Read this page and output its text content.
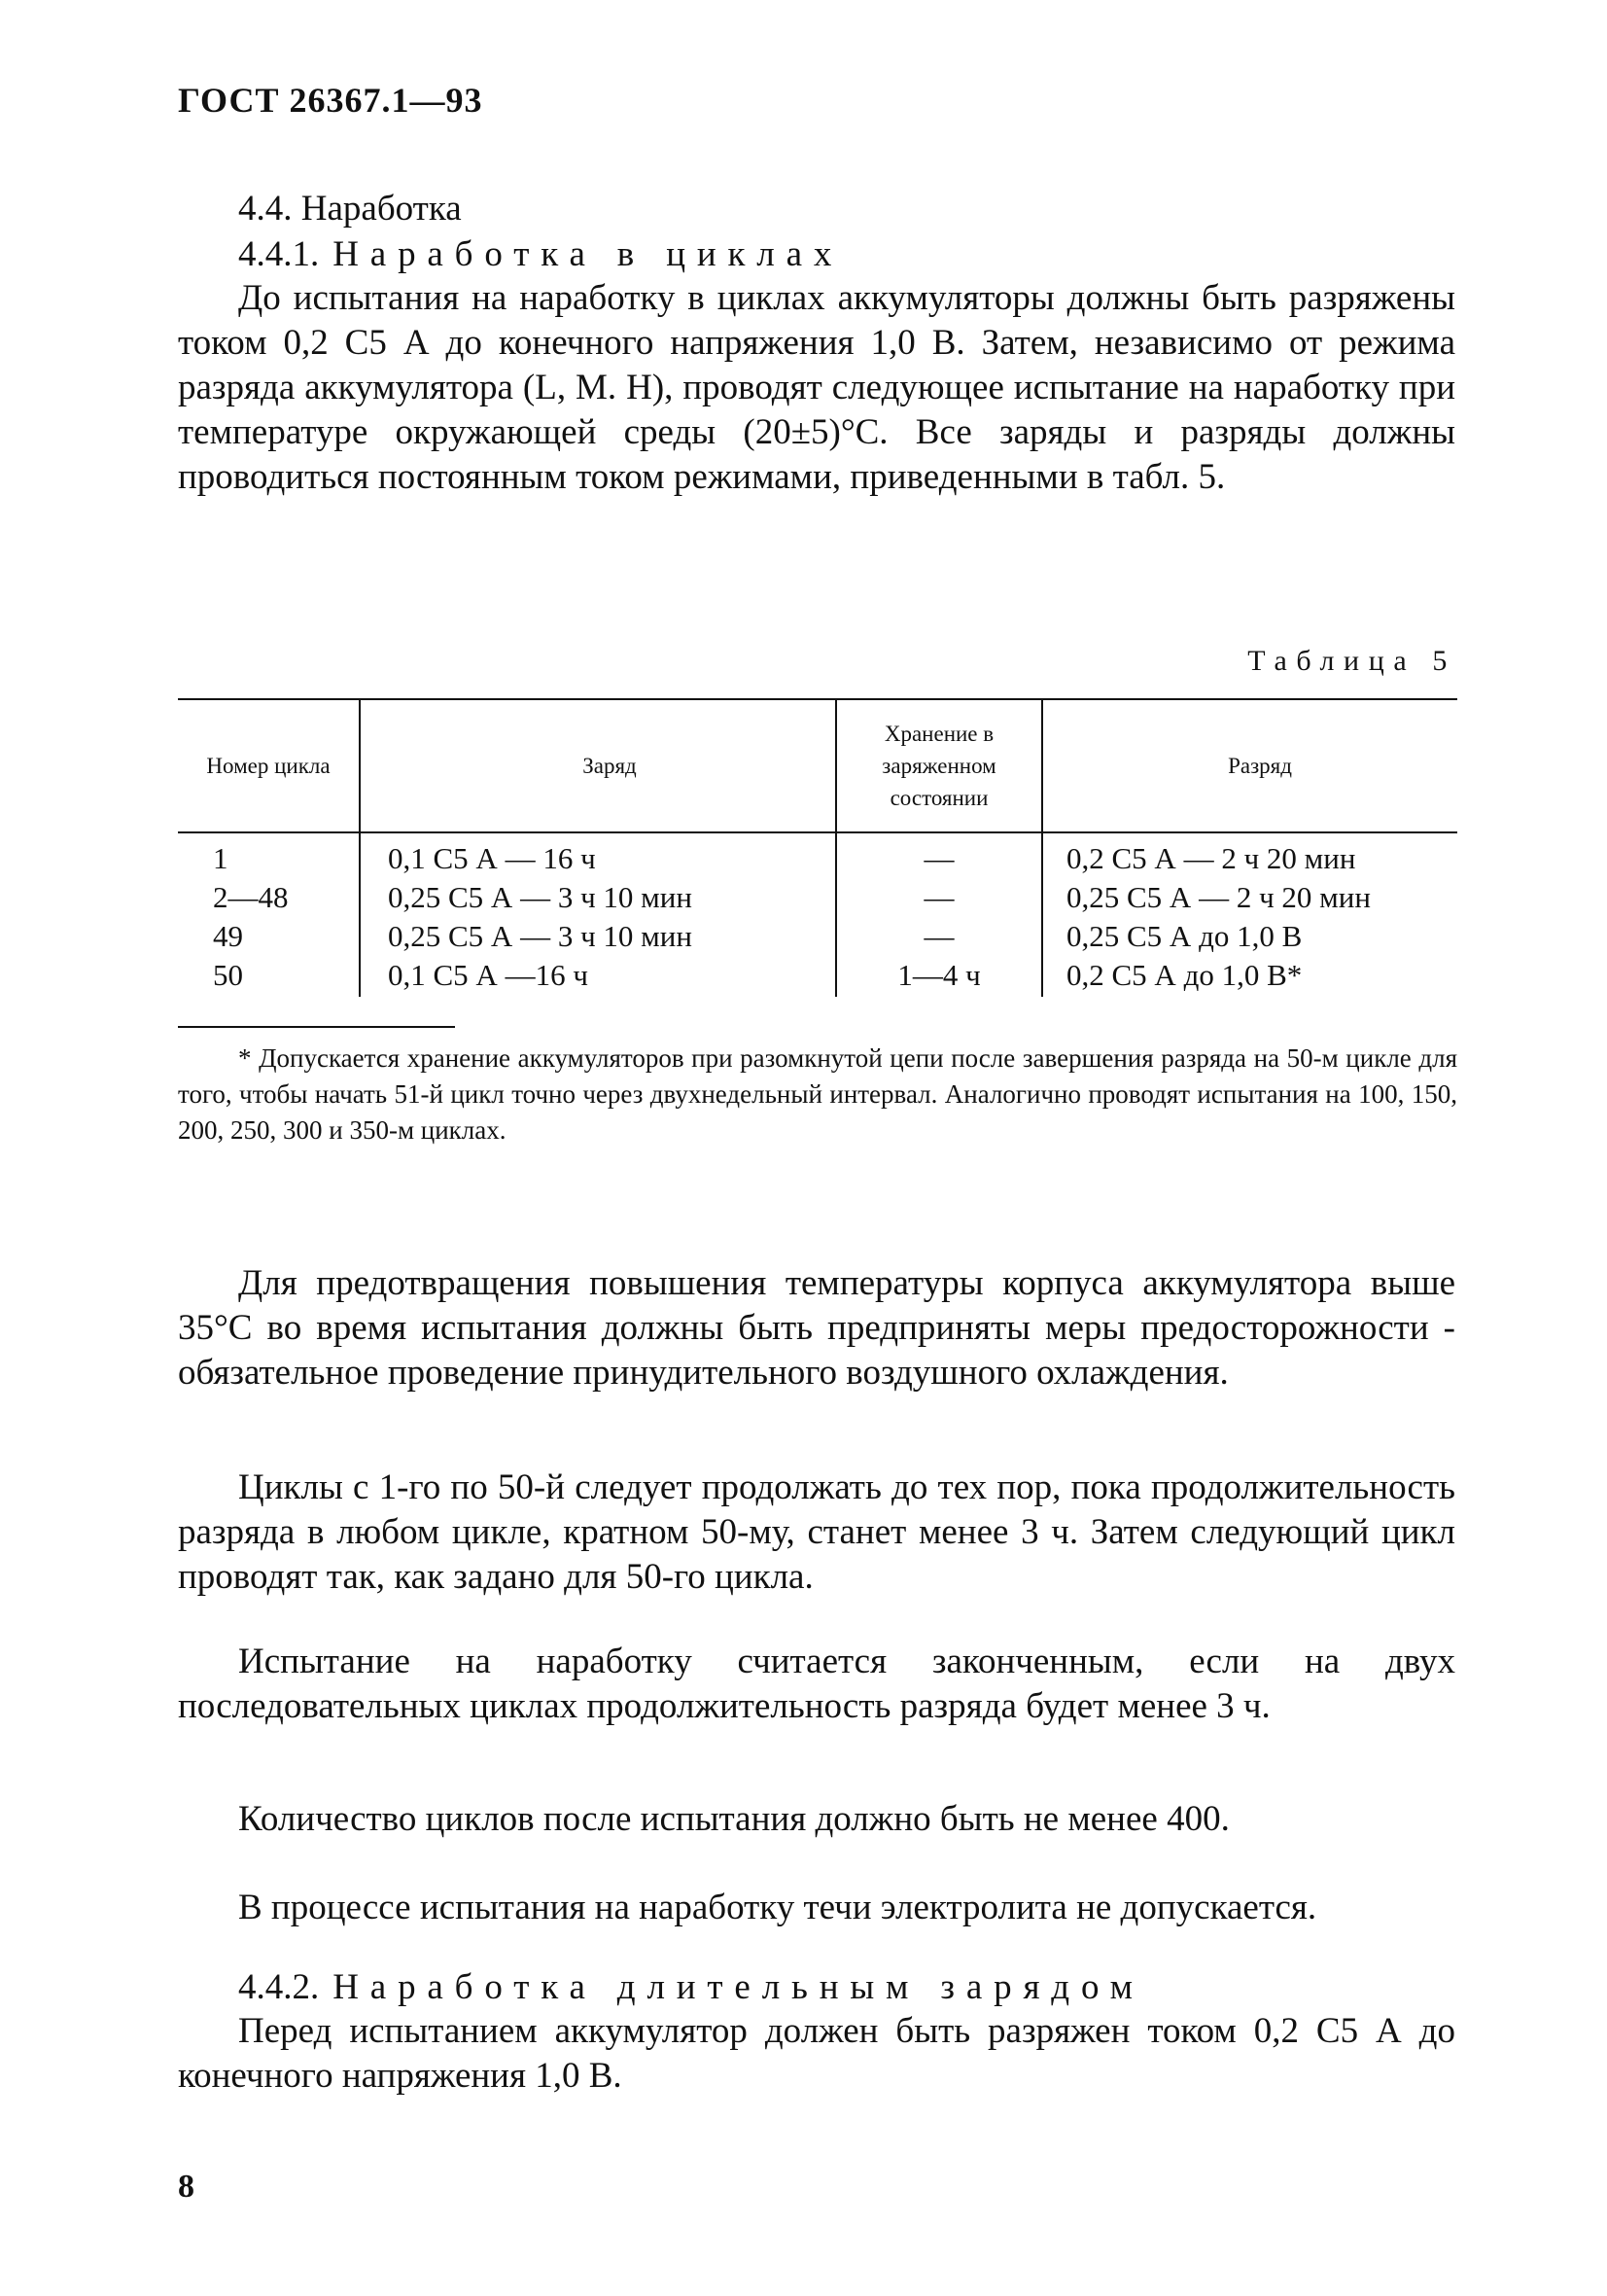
ГОСТ 26367.1—93
4.4. Наработка
4.4.1. Наработка в циклах

До испытания на наработку в циклах аккумуляторы должны быть разряжены током 0,2 C5 А до конечного напряжения 1,0 В. Затем, независимо от режима разряда аккумулятора (L, М. Н), проводят следующее испытание на наработку при температуре окружающей среды (20±5)°С. Все заряды и разряды должны проводиться постоянным током режимами, приведенными в табл. 5.

Таблица 5
Номер цикла	Заряд	Хранение в заряженном состоянии	Разряд
1	0,1 C5 А — 16 ч	—	0,2 C5 А — 2 ч 20 мин
2—48	0,25 C5 А — 3 ч 10 мин	—	0,25 C5 А — 2 ч 20 мин
49	0,25 C5 А — 3 ч 10 мин	—	0,25 C5 А до 1,0 В
50	0,1 C5 А —16 ч	1—4 ч	0,2 C5 А до 1,0 В*

* Допускается хранение аккумуляторов при разомкнутой цепи после завершения разряда на 50-м цикле для того, чтобы начать 51-й цикл точно через двухнедельный интервал. Аналогично проводят испытания на 100, 150, 200, 250, 300 и 350-м циклах.

Для предотвращения повышения температуры корпуса аккумулятора выше 35°С во время испытания должны быть предприняты меры предосторожности - обязательное проведение принудительного воздушного охлаждения.

Циклы с 1-го по 50-й следует продолжать до тех пор, пока продолжительность разряда в любом цикле, кратном 50-му, станет менее 3 ч. Затем следующий цикл проводят так, как задано для 50-го цикла.

Испытание на наработку считается законченным, если на двух последовательных циклах продолжительность разряда будет менее 3 ч.

Количество циклов после испытания должно быть не менее 400.

В процессе испытания на наработку течи электролита не допускается.

4.4.2. Наработка длительным зарядом

Перед испытанием аккумулятор должен быть разряжен током 0,2 C5 А до конечного напряжения 1,0 В.

8
